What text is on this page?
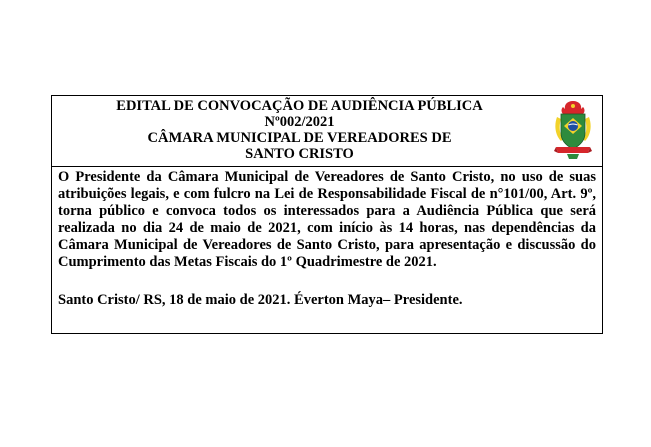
EDITAL DE CONVOCAÇÃO DE AUDIÊNCIA PÚBLICA
Nº002/2021
CÂMARA MUNICIPAL DE VEREADORES DE
SANTO CRISTO
O Presidente da Câmara Municipal de Vereadores de Santo Cristo, no uso de suas atribuições legais, e com fulcro na Lei de Responsabilidade Fiscal de n°101/00, Art. 9º, torna público e convoca todos os interessados para a Audiência Pública que será realizada no dia 24 de maio de 2021, com início às 14 horas, nas dependências da Câmara Municipal de Vereadores de Santo Cristo, para apresentação e discussão do Cumprimento das Metas Fiscais do 1º Quadrimestre de 2021.
Santo Cristo/ RS, 18 de maio de 2021. Éverton Maya– Presidente.
